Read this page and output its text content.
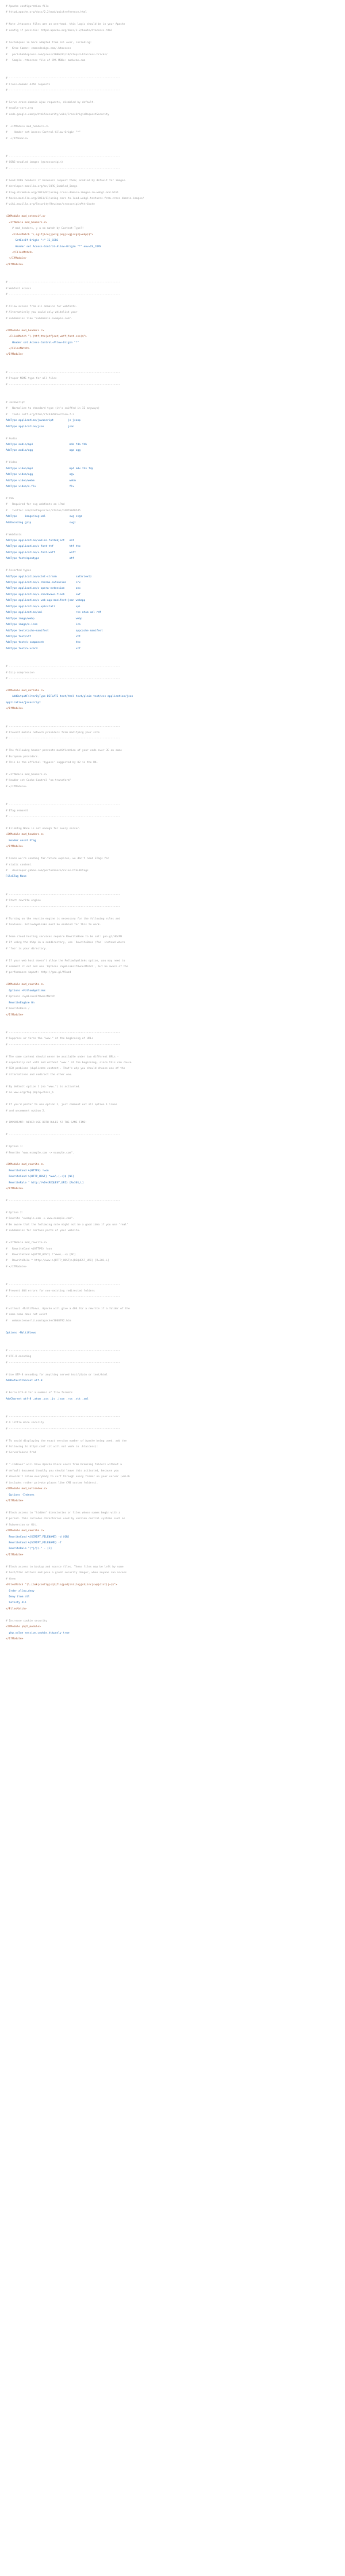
# Apache configuration file
# httpd.apache.org/docs/2.2/mod/quickreference.html

# Note .htaccess files are an overhead, this logic should be in your Apache
# config if possible: httpd.apache.org/docs/2.2/howto/htaccess.html

# Techniques in here adapted from all over, including:
#   Kroc Camen: camendesign.com/.htaccess
#   perishablepress.com/press/2006/01/10/stupid-htaccess-tricks/
#   Sample .htaccess file of CMS MODx: modxcms.com

# ----------------------------------------------------------------------
# Cross-domain AJAX requests
# ----------------------------------------------------------------------

# Serve cross-domain Ajax requests, disabled by default.
# enable-cors.org
# code.google.com/p/html5security/wiki/CrossOriginRequestSecurity

#  <IfModule mod_headers.c>
#    Header set Access-Control-Allow-Origin "*"
#  </IfModule>

# ----------------------------------------------------------------------
# CORS-enabled images (@crossorigin)
# ----------------------------------------------------------------------

# Send CORS headers if browsers request them; enabled by default for images.
# developer.mozilla.org/en/CORS_Enabled_Image
# blog.chromium.org/2011/07/using-cross-domain-images-in-webgl-and.html
# hacks.mozilla.org/2011/11/using-cors-to-load-webgl-textures-from-cross-domain-images/
# wiki.mozilla.org/Security/Reviews/crossoriginAttribute

<IfModule mod_setenvif.c>
<IfModule mod_headers.c>
# mod_headers, y u no match by Content-Type?!
<FilesMatch "\.(gif|ico|jpe?g|png|svg|svgz|webp)$">
SetEnvIf Origin ":" IS_CORS
Header set Access-Control-Allow-Origin "*" env=IS_CORS
</FilesMatch>
</IfModule>
</IfModule>

# ----------------------------------------------------------------------
# Webfont access
# ----------------------------------------------------------------------

# Allow access from all domains for webfonts.
# Alternatively you could only whitelist your
# subdomains like "subdomain.example.com".

<IfModule mod_headers.c>
<FilesMatch "\.(ttf|ttc|otf|eot|woff|font.css)$">
Header set Access-Control-Allow-Origin "*"
</FilesMatch>
</IfModule>

# ----------------------------------------------------------------------
# Proper MIME type for all files
# ----------------------------------------------------------------------

# JavaScript
#   Normalize to standard type (it's sniffed in IE anyways)
#   tools.ietf.org/html/rfc4329#section-7.2
AddType application/javascript         js jsonp
AddType application/json               json

# Audio
AddType audio/mp4                       m4a f4a f4b
AddType audio/ogg                       oga ogg

# Video
AddType video/mp4                       mp4 m4v f4v f4p
AddType video/ogg                       ogv
AddType video/webm                      webm
AddType video/x-flv                     flv

# SVG
#   Required for svg webfonts on iPad
#   twitter.com/FontSquirrel/status/14855840545
AddType     image/svg+xml               svg svgz
AddEncoding gzip                        svgz

# Webfonts
AddType application/vnd.ms-fontobject   eot
AddType application/x-font-ttf          ttf ttc
AddType application/x-font-woff         woff
AddType font/opentype                   otf

# Assorted types
AddType application/octet-stream            safariextz
AddType application/x-chrome-extension      crx
AddType application/x-opera-extension       oex
AddType application/x-shockwave-flash       swf
AddType application/x-web-app-manifest+json webapp
AddType application/x-xpinstall             xpi
AddType application/xml                     rss atom xml rdf
AddType image/webp                          webp
AddType image/x-icon                        ico
AddType text/cache-manifest                 appcache manifest
AddType text/vtt                            vtt
AddType text/x-component                    htc
AddType text/x-vcard                        vcf

# ----------------------------------------------------------------------
# Gzip compression
# ----------------------------------------------------------------------

<IfModule mod_deflate.c>
AddOutputFilterByType DEFLATE text/html text/plain text/css application/json
application/javascript
</IfModule>

# ----------------------------------------------------------------------
# Prevent mobile network providers from modifying your site
# ----------------------------------------------------------------------

# The following header prevents modification of your code over 3G on some
# European providers.
# This is the official 'bypass' suggested by O2 in the UK.

# <IfModule mod_headers.c>
# Header set Cache-Control "no-transform"
# </IfModule>

# ----------------------------------------------------------------------
# ETag removal
# ----------------------------------------------------------------------

# FileETag None is not enough for every server.
<IfModule mod_headers.c>
Header unset ETag
</IfModule>

# Since we're sending far-future expires, we don't need ETags for
# static content.
#   developer.yahoo.com/performance/rules.html#etags
FileETag None

# ----------------------------------------------------------------------
# Start rewrite engine
# ----------------------------------------------------------------------

# Turning on the rewrite engine is necessary for the following rules and
# features. FollowSymLinks must be enabled for this to work.

# Some cloud hosting services require RewriteBase to be set: goo.gl/HOcPN
# If using the h5bp in a subdirectory, use `RewriteBase /foo` instead where
# 'foo' is your directory.

# If your web host doesn't allow the FollowSymlinks option, you may need to
# comment it out and use `Options +SymLinksIfOwnerMatch`, but be aware of the
# performance impact: http://goo.gl/Mluzd

<IfModule mod_rewrite.c>
Options +FollowSymlinks
# Options +SymLinksIfOwnerMatch
RewriteEngine On
# RewriteBase /
</IfModule>

# ----------------------------------------------------------------------
# Suppress or force the "www." at the beginning of URLs
# ----------------------------------------------------------------------

# The same content should never be available under two different URLs -
# especially not with and without "www." at the beginning, since this can cause
# SEO problems (duplicate content). That's why you should choose one of the
# alternatives and redirect the other one.

# By default option 1 (no "www.") is activated.
# no-www.org/faq.php?q=class_b

# If you'd prefer to use option 2, just comment out all option 1 lines
# and uncomment option 2.

# IMPORTANT: NEVER USE BOTH RULES AT THE SAME TIME!

# ----------------------------------------------------------------------

# Option 1:
# Rewrite "www.example.com -> example.com".

<IfModule mod_rewrite.c>
RewriteCond %{HTTPS} !=on
RewriteCond %{HTTP_HOST} ^www\.(.+)$ [NC]
RewriteRule ^ http://%1%{REQUEST_URI} [R=301,L]
</IfModule>

# ----------------------------------------------------------------------

# Option 2:
# Rewrite "example.com -> www.example.com".
# Be aware that the following rule might not be a good idea if you use "real"
# subdomains for certain parts of your website.

# <IfModule mod_rewrite.c>
#   RewriteCond %{HTTPS} !=on
#   RewriteCond %{HTTP_HOST} !^www\..+$ [NC]
#   RewriteRule ^ http://www.%{HTTP_HOST}%{REQUEST_URI} [R=301,L]
# </IfModule>

# ----------------------------------------------------------------------
# Prevent 404 errors for non-existing redirected folders
# ----------------------------------------------------------------------

# without -MultiViews, Apache will give a 404 for a rewrite if a folder of the
# same name does not exist
#   webmasterworld.com/apache/3808792.htm

Options -MultiViews

# ----------------------------------------------------------------------
# UTF-8 encoding
# ----------------------------------------------------------------------

# Use UTF-8 encoding for anything served text/plain or text/html
AddDefaultCharset utf-8

# Force UTF-8 for a number of file formats
AddCharset utf-8 .atom .css .js .json .rss .vtt .xml

# ----------------------------------------------------------------------
# A little more security
# ----------------------------------------------------------------------

# To avoid displaying the exact version number of Apache being used, add the
# following to httpd.conf (it will not work in .htaccess):
# ServerTokens Prod

# "-Indexes" will have Apache block users from browsing folders without a
# default document Usually you should leave this activated, because you
# shouldn't allow everybody to surf through every folder on your server (which
# includes rather private places like CMS system folders).
<IfModule mod_autoindex.c>
Options -Indexes
</IfModule>

# Block access to "hidden" directories or files whose names begin with a
# period. This includes directories used by version control systems such as
# Subversion or Git.
<IfModule mod_rewrite.c>
RewriteCond %{SCRIPT_FILENAME} -d [OR]
RewriteCond %{SCRIPT_FILENAME} -f
RewriteRule "(^|/)\." - [F]
</IfModule>

# Block access to backup and source files. These files may be left by some
# text/html editors and pose a great security danger, when anyone can access
# them
<FilesMatch "(\.(bak|config|sql|fla|psd|ini|log|sh|inc|swp|dist)|~)$">
Order allow,deny
Deny from all
Satisfy All
</FilesMatch>

# Increase cookie security
<IfModule php5_module>
php_value session.cookie_httponly true
</IfModule>
